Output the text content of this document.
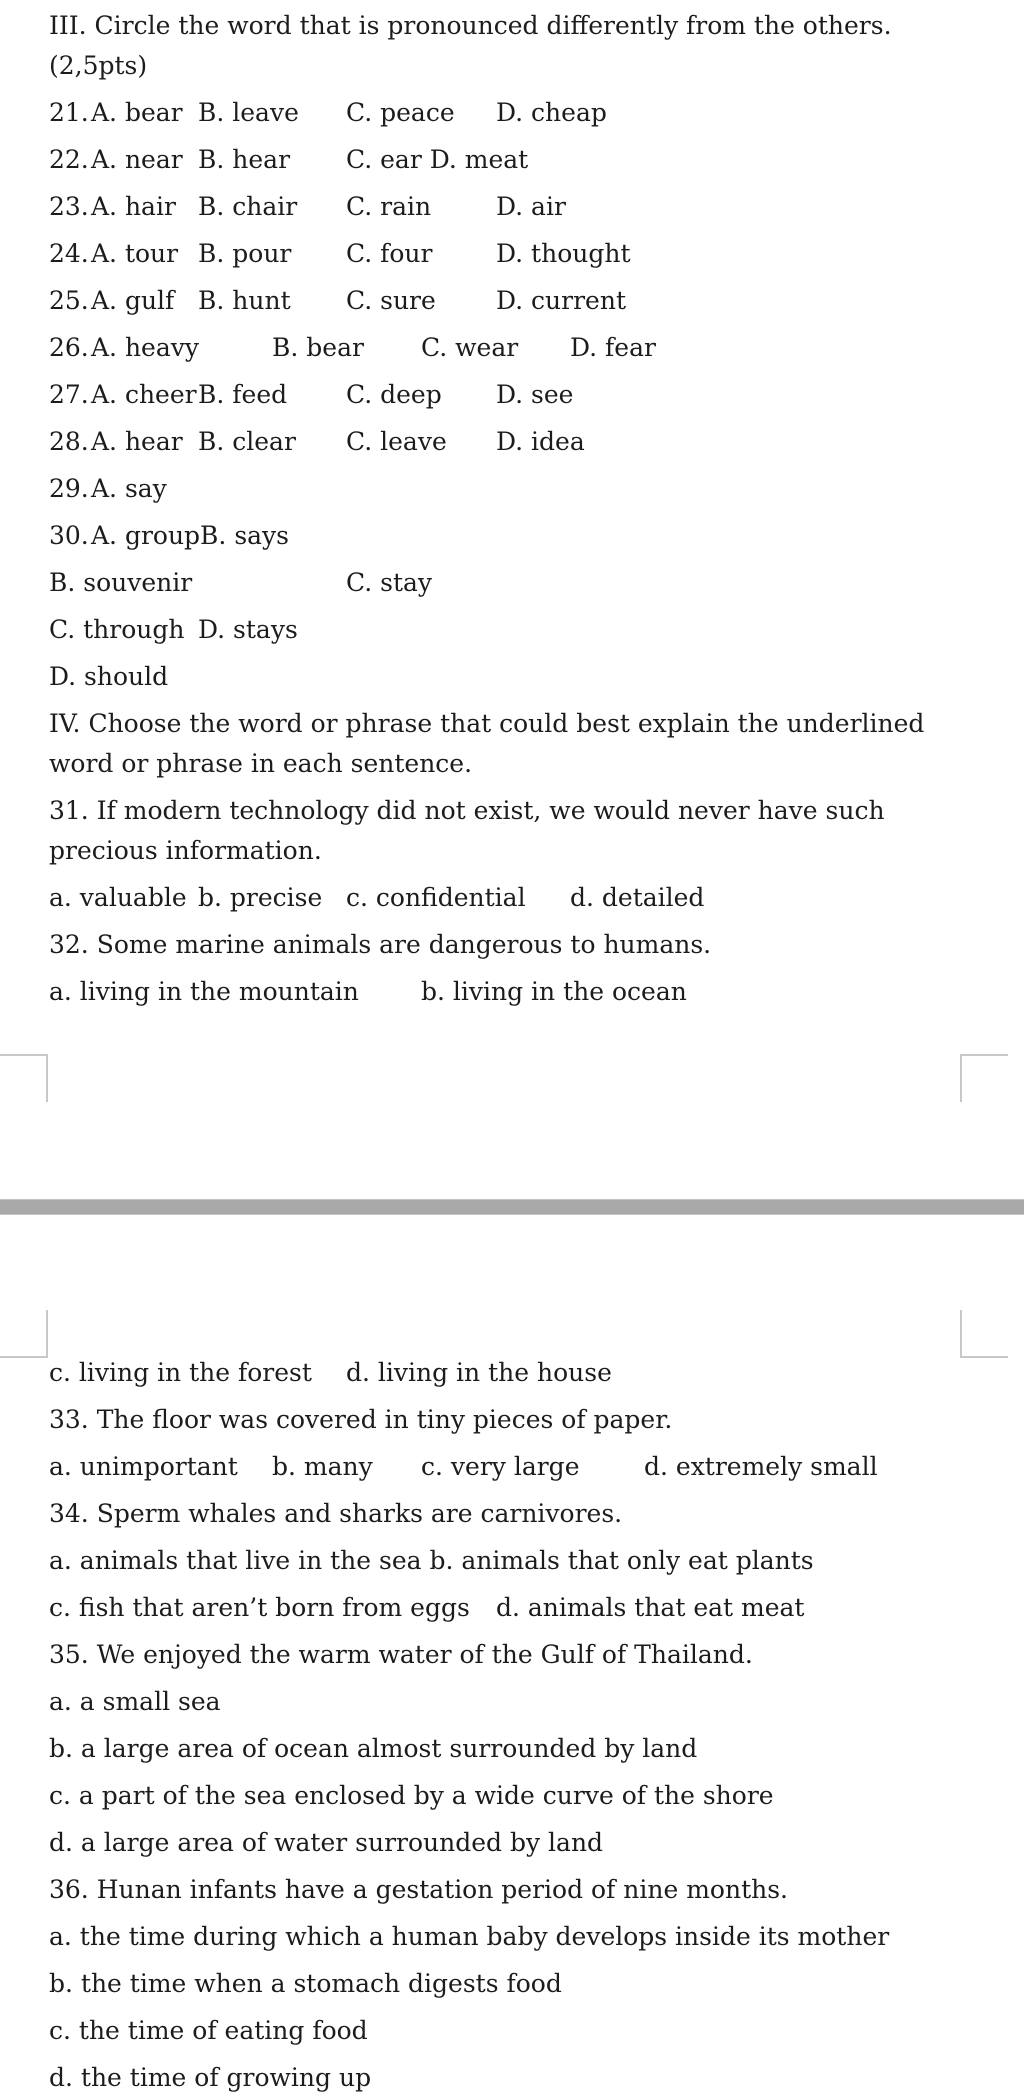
III. Circle the word that is pronounced differently from the others.
(2,5pts)
21. A. bear B. leave C. peace D. cheap
22. A. near B. hear C. ear D. meat
23. A. hair B. chair C. rain	D. air
24. A. tour B. pour C. four	D. thought
25. A. gulf B. hunt C. sure D. current
26. A. heavy	B. bear C. wear D. fear
27. A. cheer B. feed C. deep D. see
28. A. hear B. clear C. leave D. idea
29. A. say
30. A. groupB. says
B. souvenir	C. stay
C. through D. stays
D. should
IV. Choose the word or phrase that could best explain the underlined
word or phrase in each sentence.
31. If modern technology did not exist, we would never have such
precious information.
a. valuable b. precise c. confidential d. detailed
32. Some marine animals are dangerous to humans.
a. living in the mountain b. living in the ocean
c. living in the forest d. living in the house
33. The floor was covered in tiny pieces of paper.
a. unimportant b. many c. very large	d. extremely small
34. Sperm whales and sharks are carnivores.
a. animals that live in the sea b. animals that only eat plants
c. fish that aren’t born from eggs d. animals that eat meat
35. We enjoyed the warm water of the Gulf of Thailand.
a. a small sea
b. a large area of ocean almost surrounded by land
c. a part of the sea enclosed by a wide curve of the shore
d. a large area of water surrounded by land
36. Hunan infants have a gestation period of nine months.
a. the time during which a human baby develops inside its mother
b. the time when a stomach digests food
c. the time of eating food
d. the time of growing up
